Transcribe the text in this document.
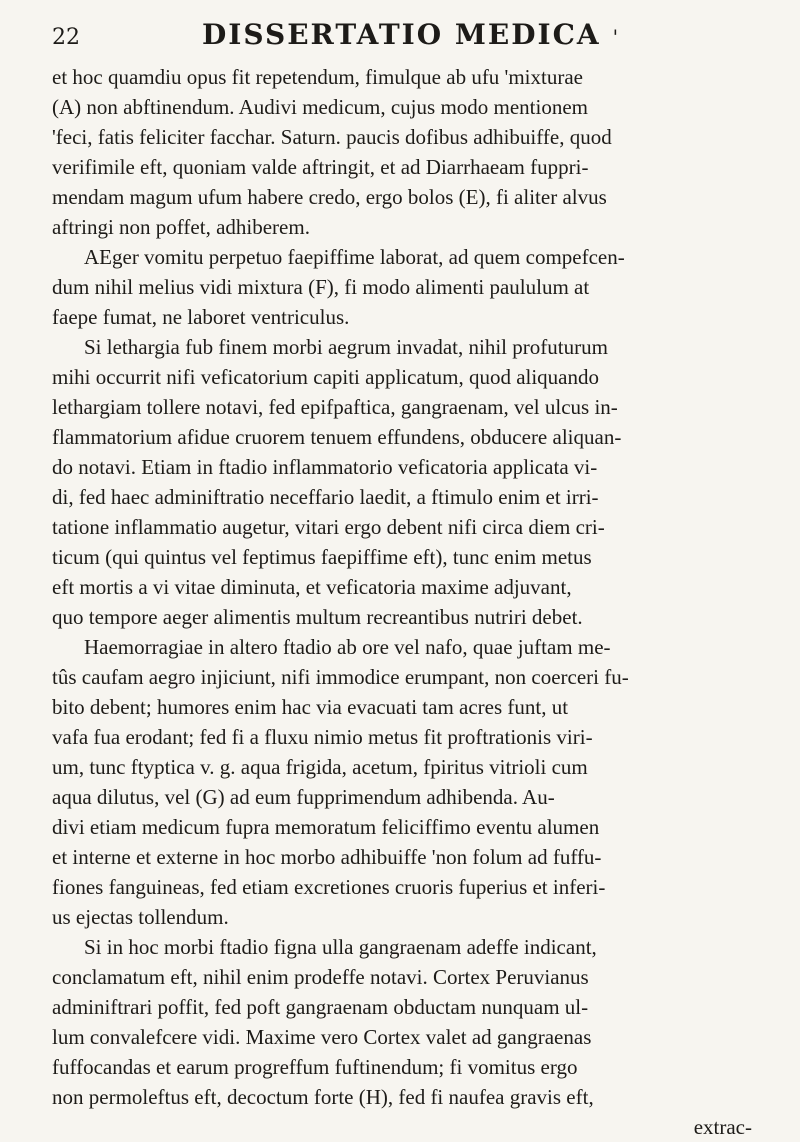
22	DISSERTATIO MEDICA '
et hoc quamdiu opus fit repetendum, fimulque ab ufu 'mixturae
(A) non abftinendum. Audivi medicum, cujus modo mentionem
'feci, fatis feliciter facchar. Saturn. paucis dofibus adhibuiffe, quod
verifimile eft, quoniam valde aftringit, et ad Diarrhaeam fuppri-
mendam magum ufum habere credo, ergo bolos (E), fi aliter alvus
aftringi non poffet, adhiberem.
AEger vomitu perpetuo faepiffime laborat, ad quem compefcen-
dum nihil melius vidi mixtura (F), fi modo alimenti paululum at
faepe fumat, ne laboret ventriculus.
Si lethargia fub finem morbi aegrum invadat, nihil profuturum
mihi occurrit nifi veficatorium capiti applicatum, quod aliquando
lethargiam tollere notavi, fed epifpaftica, gangraenam, vel ulcus in-
flammatorium afidue cruorem tenuem effundens, obducere aliquan-
do notavi. Etiam in ftadio inflammatorio veficatoria applicata vi-
di, fed haec adminiftratio neceffario laedit, a ftimulo enim et irri-
tatione inflammatio augetur, vitari ergo debent nifi circa diem cri-
ticum (qui quintus vel feptimus faepiffime eft), tunc enim metus
eft mortis a vi vitae diminuta, et veficatoria maxime adjuvant,
quo tempore aeger alimentis multum recreantibus nutriri debet.
Haemorragiae in altero ftadio ab ore vel nafo, quae juftam me-
tûs caufam aegro injiciunt, nifi immodice erumpant, non coerceri fu-
bito debent; humores enim hac via evacuati tam acres funt, ut
vafa fua erodant; fed fi a fluxu nimio metus fit proftrationis viri-
um, tunc ftyptica v. g. aqua frigida, acetum, fpiritus vitrioli cum
aqua dilutus, vel (G) ad eum fupprimendum adhibenda. Au-
divi etiam medicum fupra memoratum feliciffimo eventu alumen
et interne et externe in hoc morbo adhibuiffe 'non folum ad fuffu-
fiones fanguineas, fed etiam excretiones cruoris fuperius et inferi-
us ejectas tollendum.
Si in hoc morbi ftadio figna ulla gangraenam adeffe indicant,
conclamatum eft, nihil enim prodeffe notavi. Cortex Peruvianus
adminiftrari poffit, fed poft gangraenam obductam nunquam ul-
lum convalefcere vidi. Maxime vero Cortex valet ad gangraenas
fuffocandas et earum progreffum fuftinendum; fi vomitus ergo
non permoleftus eft, decoctum forte (H), fed fi naufea gravis eft,
extrac-
